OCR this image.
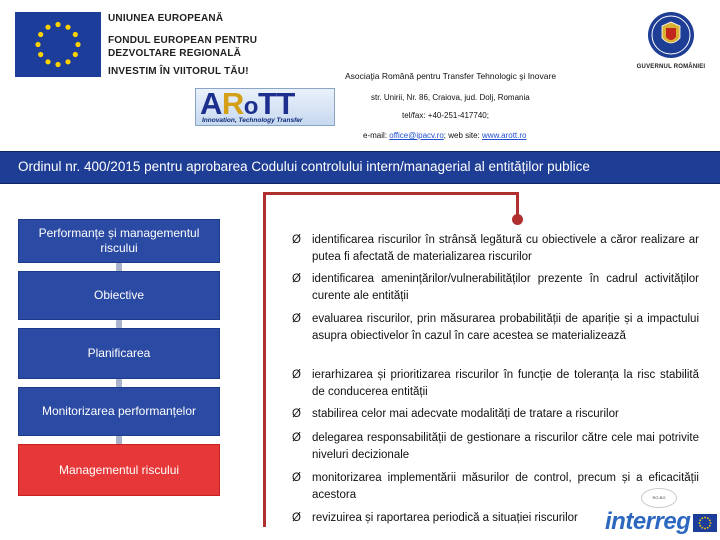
UNIUNEA EUROPEANĂ
FONDUL EUROPEAN PENTRU
DEZVOLTARE REGIONALĂ
INVESTIM ÎN VIITORUL TĂU!	GUVERNUL ROMÂNIEI
ARoTT
Innovation, Technology Transfer
Asociaţia Română pentru Transfer Tehnologic şi Inovare
str. Unirii, Nr. 86, Craiova, jud. Dolj, Romania
tel/fax: +40-251-417740;
e-mail: office@ipacv.ro; web site: www.arott.ro
Ordinul nr. 400/2015 pentru aprobarea Codului controlului intern/managerial al entităților publice
Performanțe și managementul riscului
Obiective
Planificarea
Monitorizarea performanțelor
Managementul riscului
Ø identificarea riscurilor în strânsă legătură cu obiectivele a căror realizare ar putea fi afectată de materializarea riscurilor
Ø identificarea amenințărilor/vulnerabilităților prezente în cadrul activităților curente ale entității
Ø evaluarea riscurilor, prin măsurarea probabilității de apariție și a impactului asupra obiectivelor în cazul în care acestea se materializează
Ø ierarhizarea și prioritizarea riscurilor în funcție de toleranța la risc stabilită de conducerea entității
Ø stabilirea celor mai adecvate modalități de tratare a riscurilor
Ø delegarea responsabilității de gestionare a riscurilor către cele mai potrivite niveluri decizionale
Ø monitorizarea implementării măsurilor de control, precum și a eficacității acestora
Ø revizuirea și raportarea periodică a situației riscurilor
RO-BG
interreg
